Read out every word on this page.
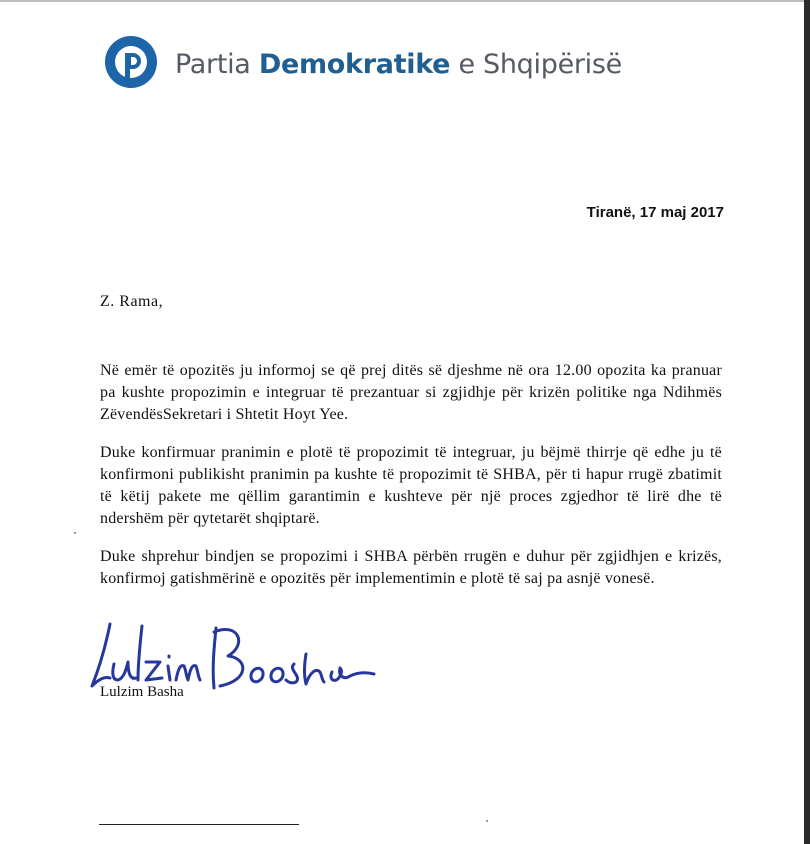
Partia Demokratike e Shqipërisë
Tiranë, 17 maj 2017
Z. Rama,

Në emër të opozitës ju informoj se që prej ditës së djeshme në ora 12.00 opozita ka pranuar pa kushte propozimin e integruar të prezantuar si zgjidhje për krizën politike nga Ndihmës ZëvendësSekretari i Shtetit Hoyt Yee.

Duke konfirmuar pranimin e plotë të propozimit të integruar, ju bëjmë thirrje që edhe ju të konfirmoni publikisht pranimin pa kushte të propozimit të SHBA, për ti hapur rrugë zbatimit të këtij pakete me qëllim garantimin e kushteve për një proces zgjedhor të lirë dhe të ndershëm për qytetarët shqiptarë.

Duke shprehur bindjen se propozimi i SHBA përbën rrugën e duhur për zgjidhjen e krizës, konfirmoj gatishmërinë e opozitës për implementimin e plotë të saj pa asnjë vonesë.

Lulzim Basha
